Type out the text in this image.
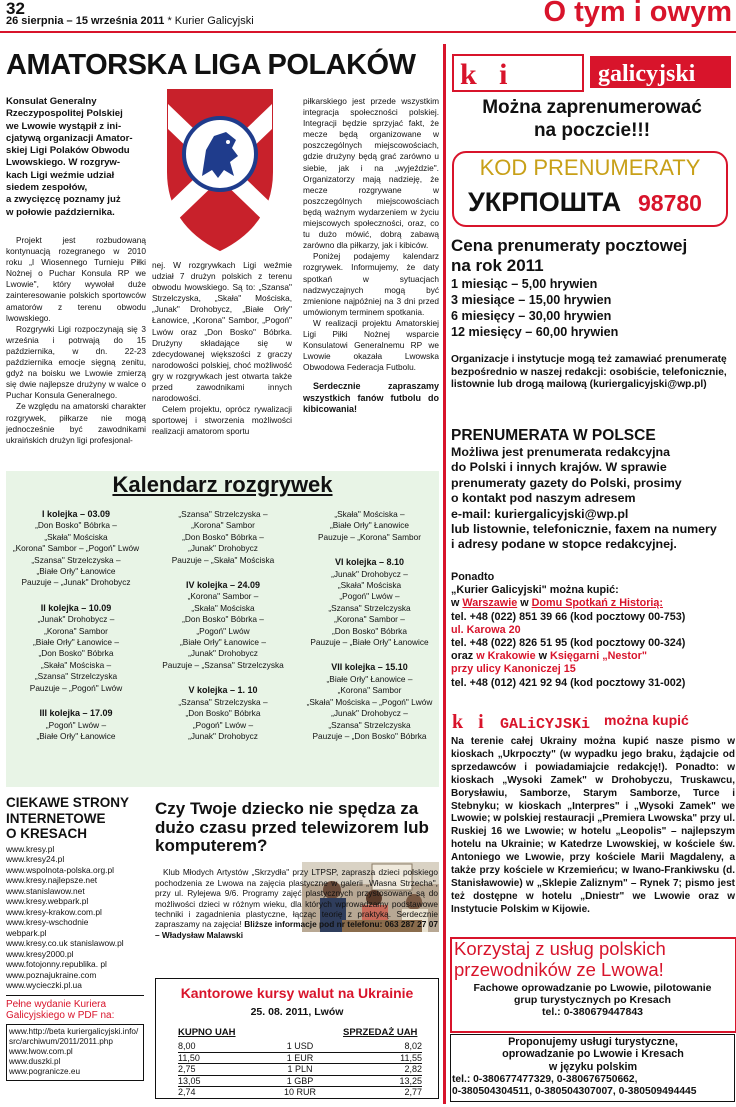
32
26 sierpnia – 15 września 2011 * Kurier Galicyjski	O tym i owym
AMATORSKA LIGA POLAKÓW
Konsulat Generalny
Rzeczypospolitej Polskiej
we Lwowie wystąpił z ini-
cjatywą organizacji Amator-
skiej Ligi Polaków Obwodu
Lwowskiego. W rozgryw-
kach Ligi weźmie udział
siedem zespołów,
a zwycięzcę poznamy już
w połowie października.

Projekt jest rozbudowaną kontynuacją rozegranego w 2010 roku „I Wiosennego Turnieju Piłki Nożnej o Puchar Konsula RP we Lwowie", który wywołał duże zainteresowanie polskich sportowców amatorów z terenu obwodu lwowskiego.

Rozgrywki Ligi rozpoczynają się 3 września i potrwają do 15 października, w dn. 22-23 października emocje sięgną zenitu, gdyż na boisku we Lwowie zmierzą się dwie najlepsze drużyny w walce o Puchar Konsula Generalnego.

Ze względu na amatorski charakter rozgrywek, piłkarze nie mogą jednocześnie być zawodnikami ukraińskich drużyn ligi profesjonal-

nej. W rozgrywkach Ligi weźmie udział 7 drużyn polskich z terenu obwodu lwowskiego. Są to: „Szansa" Strzelczyska, „Skała" Mościska, „Junak" Drohobycz, „Białe Orły" Łanowice, „Korona" Sambor, „Pogoń" Lwów oraz „Don Bosko" Bóbrka. Drużyny składające się w zdecydowanej większości z graczy narodowości polskiej, choć możliwość gry w rozgrywkach jest otwarta także przed zawodnikami innych narodowości.

Celem projektu, oprócz rywalizacji sportowej i stworzenia możliwości realizacji amatorom sportu

piłkarskiego jest przede wszystkim integracja społeczności polskiej. Integracji będzie sprzyjać fakt, że mecze będą organizowane w poszczególnych miejscowościach, gdzie drużyny będą grać zarówno u siebie, jak i na „wyjeździe". Organizatorzy mają nadzieję, że mecze rozgrywane w poszczególnych miejscowościach będą ważnym wydarzeniem w życiu miejscowych społeczności, oraz, co tu dużo mówić, dobrą zabawą zarówno dla piłkarzy, jak i kibiców.

Poniżej podajemy kalendarz rozgrywek. Informujemy, że daty spotkań w sytuacjach nadzwyczajnych mogą być zmienione najpóźniej na 3 dni przed umówionym terminem spotkania.

W realizacji projektu Amatorskiej Ligi Piłki Nożnej wsparcie Konsulatowi Generalnemu RP we Lwowie okazała Lwowska Obwodowa Federacja Futbolu.

Serdecznie zapraszamy wszystkich fanów futbolu do kibicowania!

Kalendarz rozgrywek
I kolejka – 03.09
„Don Bosko" Bóbrka –
„Skała" Mościska
„Korona" Sambor – „Pogoń" Lwów
„Szansa" Strzelczyska –
„Białe Orły" Łanowice
Pauzuje – „Junak" Drohobycz
II kolejka – 10.09
„Junak" Drohobycz –
„Korona" Sambor
„Białe Orły" Łanowice –
„Don Bosko" Bóbrka
„Skała" Mościska –
„Szansa" Strzelczyska
Pauzuje – „Pogoń" Lwów
III kolejka – 17.09
„Pogoń" Lwów –
„Białe Orły" Łanowice
„Szansa" Strzelczyska –
„Korona" Sambor
„Don Bosko" Bóbrka –
„Junak" Drohobycz
Pauzuje – „Skała" Mościska
IV kolejka – 24.09
„Korona" Sambor –
„Skała" Mościska
„Don Bosko" Bóbrka –
„Pogoń" Lwów
„Białe Orły" Łanowice –
„Junak" Drohobycz
Pauzuje – „Szansa" Strzelczyska
V kolejka – 1. 10
„Szansa" Strzelczyska –
„Don Bosko" Bóbrka
„Pogoń" Lwów –
„Junak" Drohobycz
„Skała" Mościska –
„Białe Orły" Łanowice
Pauzuje – „Korona" Sambor
VI kolejka – 8.10
„Junak" Drohobycz –
„Skała" Mościska
„Pogoń" Lwów –
„Szansa" Strzelczyska
„Korona" Sambor –
„Don Bosko" Bóbrka
Pauzuje – „Białe Orły" Łanowice
VII kolejka – 15.10
„Białe Orły" Łanowice –
„Korona" Sambor
„Skała" Mościska – „Pogoń" Lwów
„Junak" Drohobycz –
„Szansa" Strzelczyska
Pauzuje – „Don Bosko" Bóbrka
CIEKAWE STRONY
INTERNETOWE
O KRESACH
www.kresy.pl
www.kresy24.pl
www.wspolnota-polska.org.pl
www.kresy.najlepsze.net
www.stanislawow.net
www.kresy.webpark.pl
www.kresy-krakow.com.pl
www.kresy-wschodnie
webpark.pl
www.kresy.co.uk stanislawow.pl
www.kresy2000.pl
www.fotojonny.republika. pl
www.poznajukraine.com
www.wycieczki.pl.ua
Pełne wydanie Kuriera Galicyjskiego w PDF na:
www.http://beta kuriergalicyjski.info/
src/archiwum/2011/2011.php
www.lwow.com.pl
www.duszki.pl
www.pogranicze.eu
Czy Twoje dziecko nie spędza za dużo czasu przed telewizorem lub komputerem?

Klub Młodych Artystów „Skrzydła" przy LTPSP, zaprasza dzieci polskiego pochodzenia ze Lwowa na zajęcia plastyczne w galerii „Własna Strzecha", przy ul. Rylejewa 9/6. Programy zajęć plastycznych przystosowane są do możliwości dzieci w różnym wieku, dla których wprowadzamy podstawowe techniki i zagadnienia plastyczne, łącząc teorię z praktyką. Serdecznie zapraszamy na zajęcia! Bliższe informacje pod nr telefonu: 063 287 27 07 – Władysław Malawski

Kantorowe kursy walut na Ukrainie
25. 08. 2011, Lwów
KUPNO UAH	SPRZEDAŻ UAH
8,00	1 USD	8,02
11,50	1 EUR	11,55
2,75	1 PLN	2,82
13,05	1 GBP	13,25
2,74	10 RUR	2,77
k   i	galicyjski
Można zaprenumerować
na poczcie!!!
KOD PRENUMERATY
УКРПОШТА 98780
Cena prenumeraty pocztowej
na rok 2011
1 miesiąc – 5,00 hrywien
3 miesiące – 15,00 hrywien
6 miesięcy – 30,00 hrywien
12 miesięcy – 60,00 hrywien
Organizacje i instytucje mogą też zamawiać prenumeratę bezpośrednio w naszej redakcji: osobiście, telefonicznie, listownie lub drogą mailową (kuriergalicyjski@wp.pl)
PRENUMERATA W POLSCE
Możliwa jest prenumerata redakcyjna
do Polski i innych krajów. W sprawie
prenumeraty gazety do Polski, prosimy
o kontakt pod naszym adresem
e-mail: kuriergalicyjski@wp.pl
lub listownie, telefonicznie, faxem na numery
i adresy podane w stopce redakcyjnej.
Ponadto
„Kurier Galicyjski" można kupić:
w Warszawie w Domu Spotkań z Historią:
tel. +48 (022) 851 39 66 (kod pocztowy 00-753)
ul. Karowa 20
tel. +48 (022) 826 51 95 (kod pocztowy 00-324)
oraz w Krakowie w Księgarni „Nestor"
przy ulicy Kanoniczej 15
tel. +48 (012) 421 92 94 (kod pocztowy 31-002)
k   i GALiCYJSKi można kupić
Na terenie całej Ukrainy można kupić nasze pismo w kioskach „Ukrpoczty" (w wypadku jego braku, żądajcie od sprzedawców i powiadamiajcie redakcję!). Ponadto: w kioskach „Wysoki Zamek" w Drohobyczu, Truskawcu, Borysławiu, Samborze, Starym Samborze, Turce i Stebnyku; w kioskach „Interpres" i „Wysoki Zamek" we Lwowie; w polskiej restauracji „Premiera Lwowska" przy ul. Ruskiej 16 we Lwowie; w hotelu „Leopolis" – najlepszym hotelu na Ukrainie; w Katedrze Lwowskiej, w kościele św. Antoniego we Lwowie, przy kościele Marii Magdaleny, a także przy kościele w Krzemieńcu; w Iwano-Frankiwsku (d. Stanisławowie) w „Sklepie Zaliznym" – Rynek 7; pismo jest też dostępne w hotelu „Dniestr" we Lwowie oraz w Instytucie Polskim w Kijowie.
Korzystaj z usług polskich przewodników ze Lwowa!
Fachowe oprowadzanie po Lwowie, pilotowanie
grup turystycznych po Kresach
tel.: 0-380679447843
Proponujemy usługi turystyczne,
oprowadzanie po Lwowie i Kresach
w języku polskim
tel.: 0-380677477329, 0-380676750662,
0-380504304511, 0-380504307007, 0-380509494445
